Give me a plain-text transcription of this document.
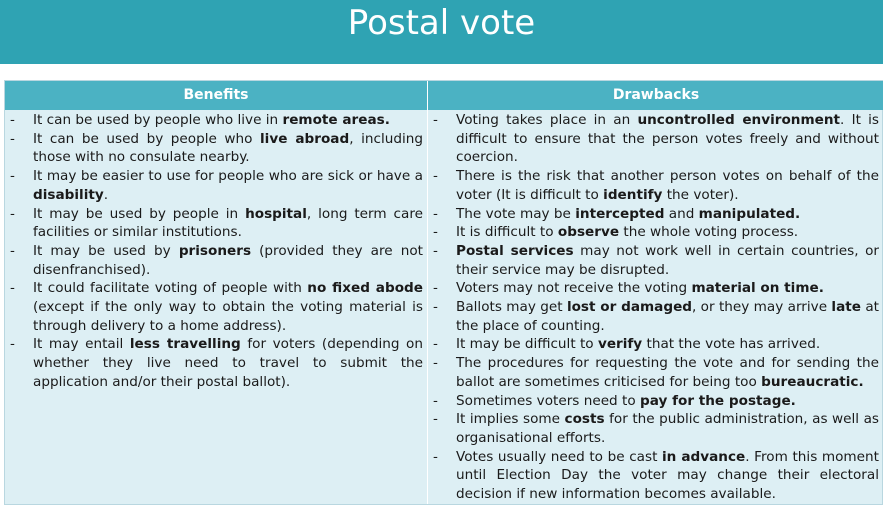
Postal vote
Benefits	Drawbacks
- It can be used by people who live in remote areas.
- It can be used by people who live abroad, including those with no consulate nearby.
- It may be easier to use for people who are sick or have a disability.
- It may be used by people in hospital, long term care facilities or similar institutions.
- It may be used by prisoners (provided they are not disenfranchised).
- It could facilitate voting of people with no fixed abode (except if the only way to obtain the voting material is through delivery to a home address).
- It may entail less travelling for voters (depending on whether they live need to travel to submit the application and/or their postal ballot).
- Voting takes place in an uncontrolled environment. It is difficult to ensure that the person votes freely and without coercion.
- There is the risk that another person votes on behalf of the voter (It is difficult to identify the voter).
- The vote may be intercepted and manipulated.
- It is difficult to observe the whole voting process.
- Postal services may not work well in certain countries, or their service may be disrupted.
- Voters may not receive the voting material on time.
- Ballots may get lost or damaged, or they may arrive late at the place of counting.
- It may be difficult to verify that the vote has arrived.
- The procedures for requesting the vote and for sending the ballot are sometimes criticised for being too bureaucratic.
- Sometimes voters need to pay for the postage.
- It implies some costs for the public administration, as well as organisational efforts.
- Votes usually need to be cast in advance. From this moment until Election Day the voter may change their electoral decision if new information becomes available.
